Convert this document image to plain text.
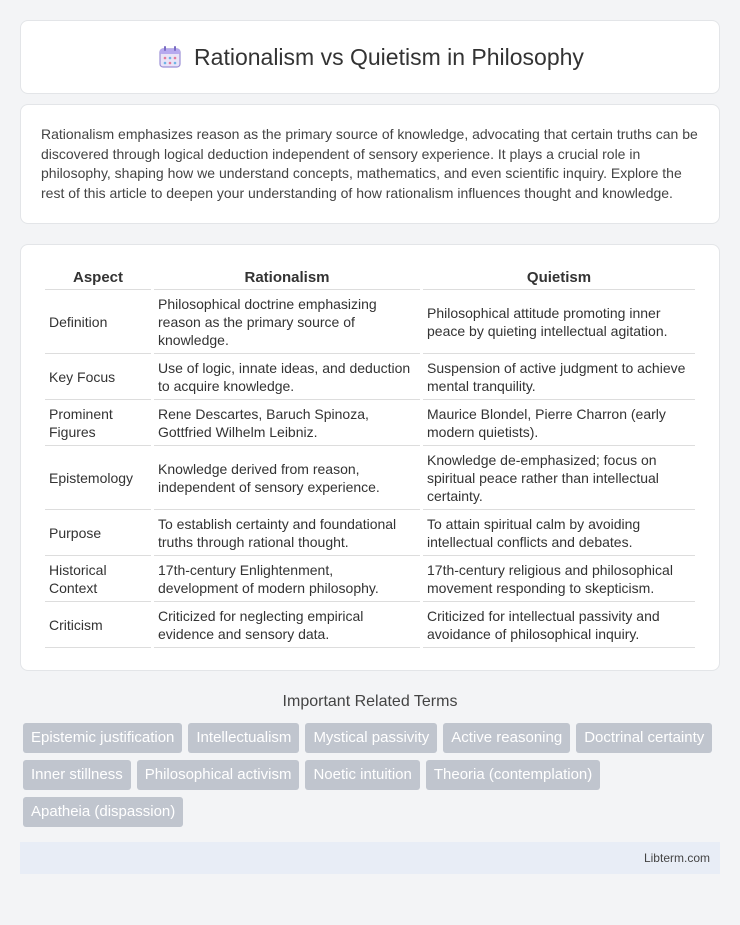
Rationalism vs Quietism in Philosophy

Rationalism emphasizes reason as the primary source of knowledge, advocating that certain truths can be discovered through logical deduction independent of sensory experience. It plays a crucial role in philosophy, shaping how we understand concepts, mathematics, and even scientific inquiry. Explore the rest of this article to deepen your understanding of how rationalism influences thought and knowledge.

Aspect	Rationalism	Quietism
Definition	Philosophical doctrine emphasizing reason as the primary source of knowledge.	Philosophical attitude promoting inner peace by quieting intellectual agitation.
Key Focus	Use of logic, innate ideas, and deduction to acquire knowledge.	Suspension of active judgment to achieve mental tranquility.
Prominent Figures	Rene Descartes, Baruch Spinoza, Gottfried Wilhelm Leibniz.	Maurice Blondel, Pierre Charron (early modern quietists).
Epistemology	Knowledge derived from reason, independent of sensory experience.	Knowledge de-emphasized; focus on spiritual peace rather than intellectual certainty.
Purpose	To establish certainty and foundational truths through rational thought.	To attain spiritual calm by avoiding intellectual conflicts and debates.
Historical Context	17th-century Enlightenment, development of modern philosophy.	17th-century religious and philosophical movement responding to skepticism.
Criticism	Criticized for neglecting empirical evidence and sensory data.	Criticized for intellectual passivity and avoidance of philosophical inquiry.
Important Related Terms
Epistemic justification	Intellectualism	Mystical passivity	Active reasoning	Doctrinal certainty
Inner stillness	Philosophical activism	Noetic intuition	Theoria (contemplation)
Apatheia (dispassion)
Libterm.com
